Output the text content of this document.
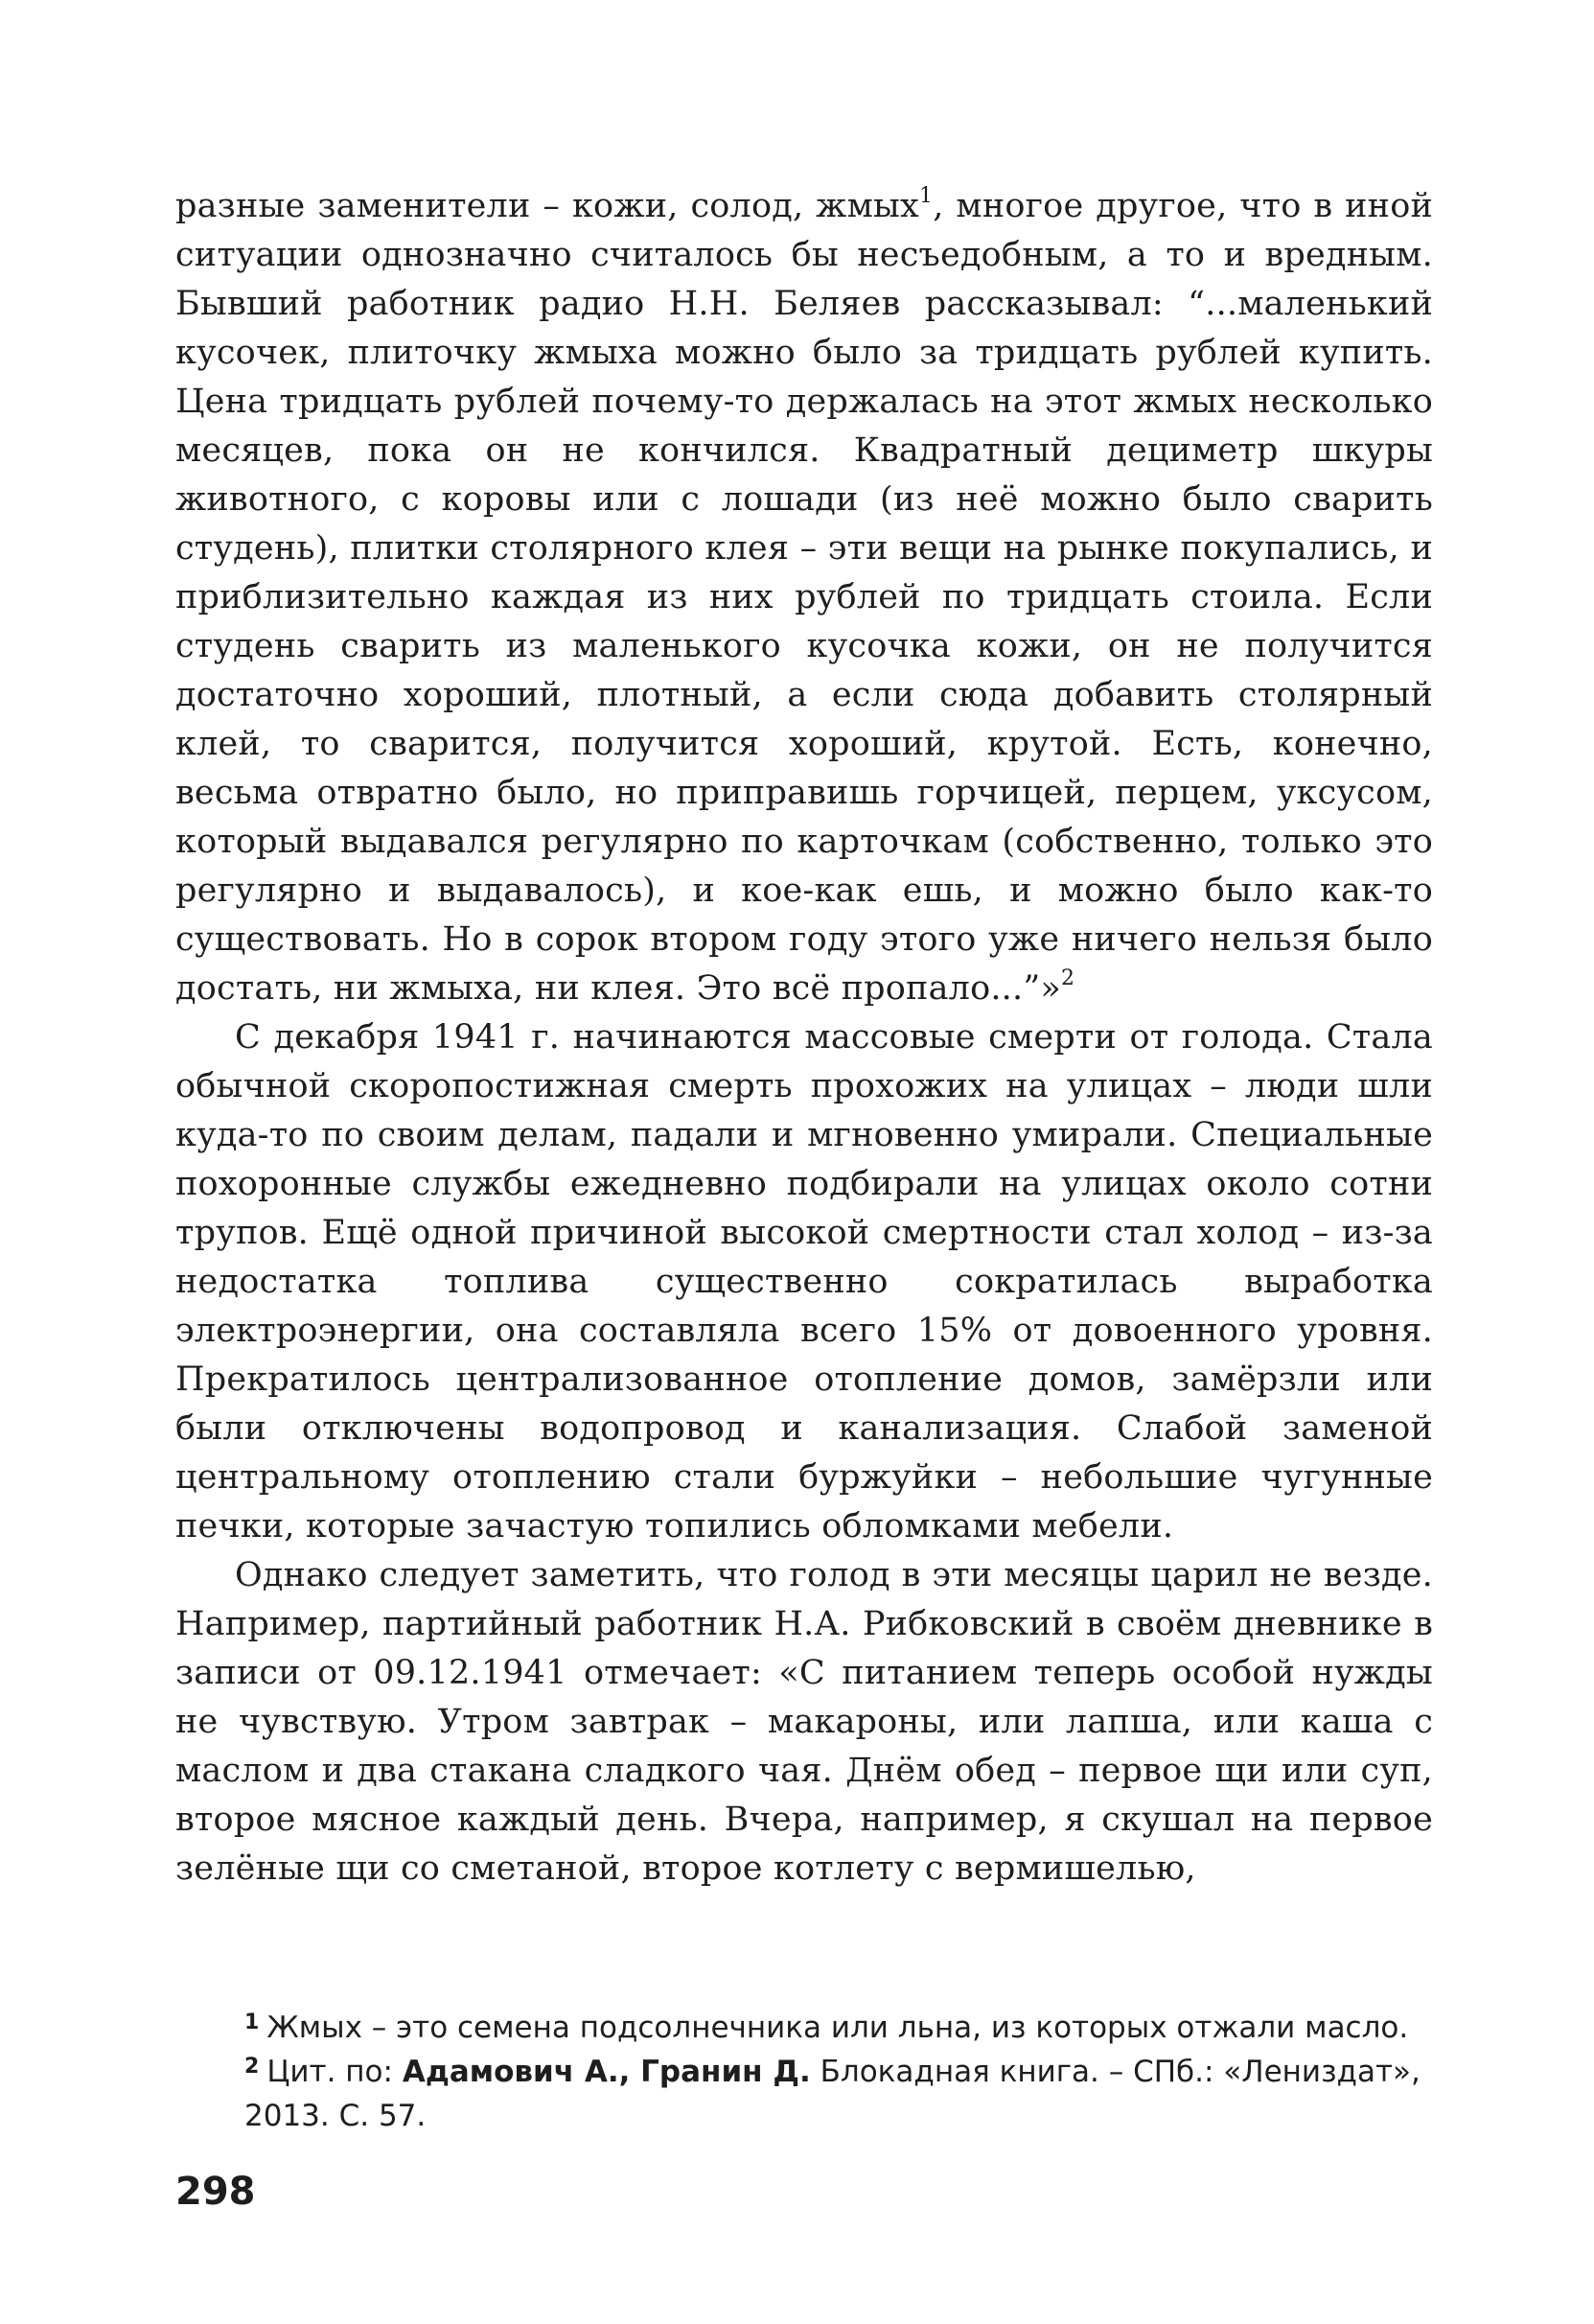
разные заменители – кожи, солод, жмых$^1$, многое другое, что в иной ситуации однозначно считалось бы несъедобным, а то и вредным. Бывший работник радио Н.Н. Беляев рассказывал: “...маленький кусочек, плиточку жмыха можно было за тридцать рублей купить. Цена тридцать рублей почему-то держалась на этот жмых несколько месяцев, пока он не кончился. Квадратный дециметр шкуры животного, с коровы или с лошади (из неё можно было сварить студень), плитки столярного клея – эти вещи на рынке покупались, и приблизительно каждая из них рублей по тридцать стоила. Если студень сварить из маленького кусочка кожи, он не получится достаточно хороший, плотный, а если сюда добавить столярный клей, то сварится, получится хороший, крутой. Есть, конечно, весьма отвратно было, но приправишь горчицей, перцем, уксусом, который выдавался регулярно по карточкам (собственно, только это регулярно и выдавалось), и кое-как ешь, и можно было как-то существовать. Но в сорок втором году этого уже ничего нельзя было достать, ни жмыха, ни клея. Это всё пропало...”»$^2$

С декабря 1941 г. начинаются массовые смерти от голода. Стала обычной скоропостижная смерть прохожих на улицах – люди шли куда-то по своим делам, падали и мгновенно умирали. Специальные похоронные службы ежедневно подбирали на улицах около сотни трупов. Ещё одной причиной высокой смертности стал холод – из-за недостатка топлива существенно сократилась выработка электроэнергии, она составляла всего 15% от довоенного уровня. Прекратилось централизованное отопление домов, замёрзли или были отключены водопровод и канализация. Слабой заменой центральному отоплению стали буржуйки – небольшие чугунные печки, которые зачастую топились обломками мебели.

Однако следует заметить, что голод в эти месяцы царил не везде. Например, партийный работник Н.А. Рибковский в своём дневнике в записи от 09.12.1941 отмечает: «С питанием теперь особой нужды не чувствую. Утром завтрак – макароны, или лапша, или каша с маслом и два стакана сладкого чая. Днём обед – первое щи или суп, второе мясное каждый день. Вчера, например, я скушал на первое зелёные щи со сметаной, второе котлету с вермишелью,

$^1$ Жмых – это семена подсолнечника или льна, из которых отжали масло.

$^2$ Цит. по: Адамович А., Гранин Д. Блокадная книга. – СПб.: «Лениздат», 2013. С. 57.

298
